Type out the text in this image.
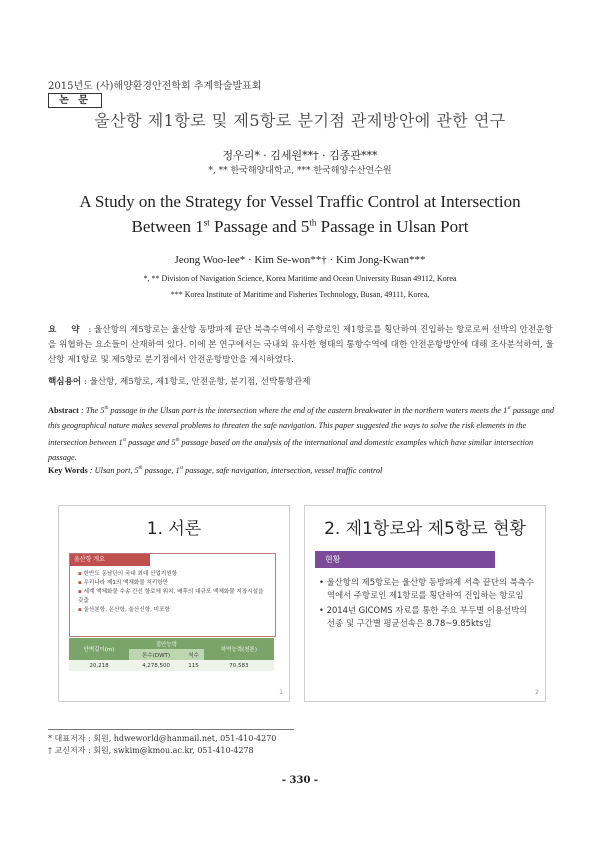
2015년도 (사)해양환경안전학회 추계학술발표회
논 문
울산항 제1항로 및 제5항로 분기점 관제방안에 관한 연구
정우리* · 김세원**† · 김종관***
*, ** 한국해양대학교, *** 한국해양수산연수원
A Study on the Strategy for Vessel Traffic Control at Intersection
Between 1st Passage and 5th Passage in Ulsan Port
Jeong Woo-lee* · Kim Se-won**† · Kim Jong-Kwan***
*, ** Division of Navigation Science, Korea Maritime and Ocean University Busan 49112, Korea
*** Korea Institute of Maritime and Fisheries Technology, Busan, 49111, Korea,
요 약 : 울산항의 제5항로는 울산항 동방파제 끝단 북측수역에서 주항로인 제1항로를 횡단하여 진입하는 항로로써 선박의 안전운항을 위협하는 요소들이 산재하여 있다. 이에 본 연구에서는 국내외 유사한 형태의 통항수역에 대한 안전운항방안에 대해 조사분석하여, 울산항 제1항로 및 제5항로 분기점에서 안전운항방안을 제시하였다.
핵심용어 : 울산항, 제5항로, 제1항로, 안전운항, 분기점, 선박통항관제
Abstract : The 5th passage in the Ulsan port is the intersection where the end of the eastern breakwater in the northern waters meets the 1st passage and this geographical nature makes several problems to threaten the safe navigation. This paper suggested the ways to solve the risk elements in the intersection between 1st passage and 5th passage based on the analysis of the international and domestic examples which have similar intersection passage.
Key Words : Ulsan port, 5th passage, 1st passage, safe navigation, intersection, vessel traffic control
1. 서론
울산항 개요
▪ 한반도 동남단의 국내 최대 산업지원항
▪ 우리나라 제1의 액체화물 처리항만
▪ 세계 액체화물 수송 간선 항로에 위치, 배후의 대규모 액체화물 저장시설을 갖춤
▪ 울산본항, 온산항, 울산신항, 미포항
안벽길이(m)	접안능력		하역능력(천톤)
	톤수(DWT)	척수	
20,218	4,278,500	115	70,583
1
2. 제1항로와 제5항로 현황
현황
• 울산항의 제5항로는 울산항 동방파제 서측 끝단의 북측수역에서 주항로인 제1항로를 횡단하여 진입하는 항로임
• 2014년 GICOMS 자료를 통한 주요 부두별 이용선박의 선종 및 구간별 평균선속은 8.78~9.85kts임
2
* 대표저자 : 회원, hdweworld@hanmail.net, 051-410-4270
† 교신저자 : 회원, swkim@kmou.ac.kr, 051-410-4278
- 330 -
